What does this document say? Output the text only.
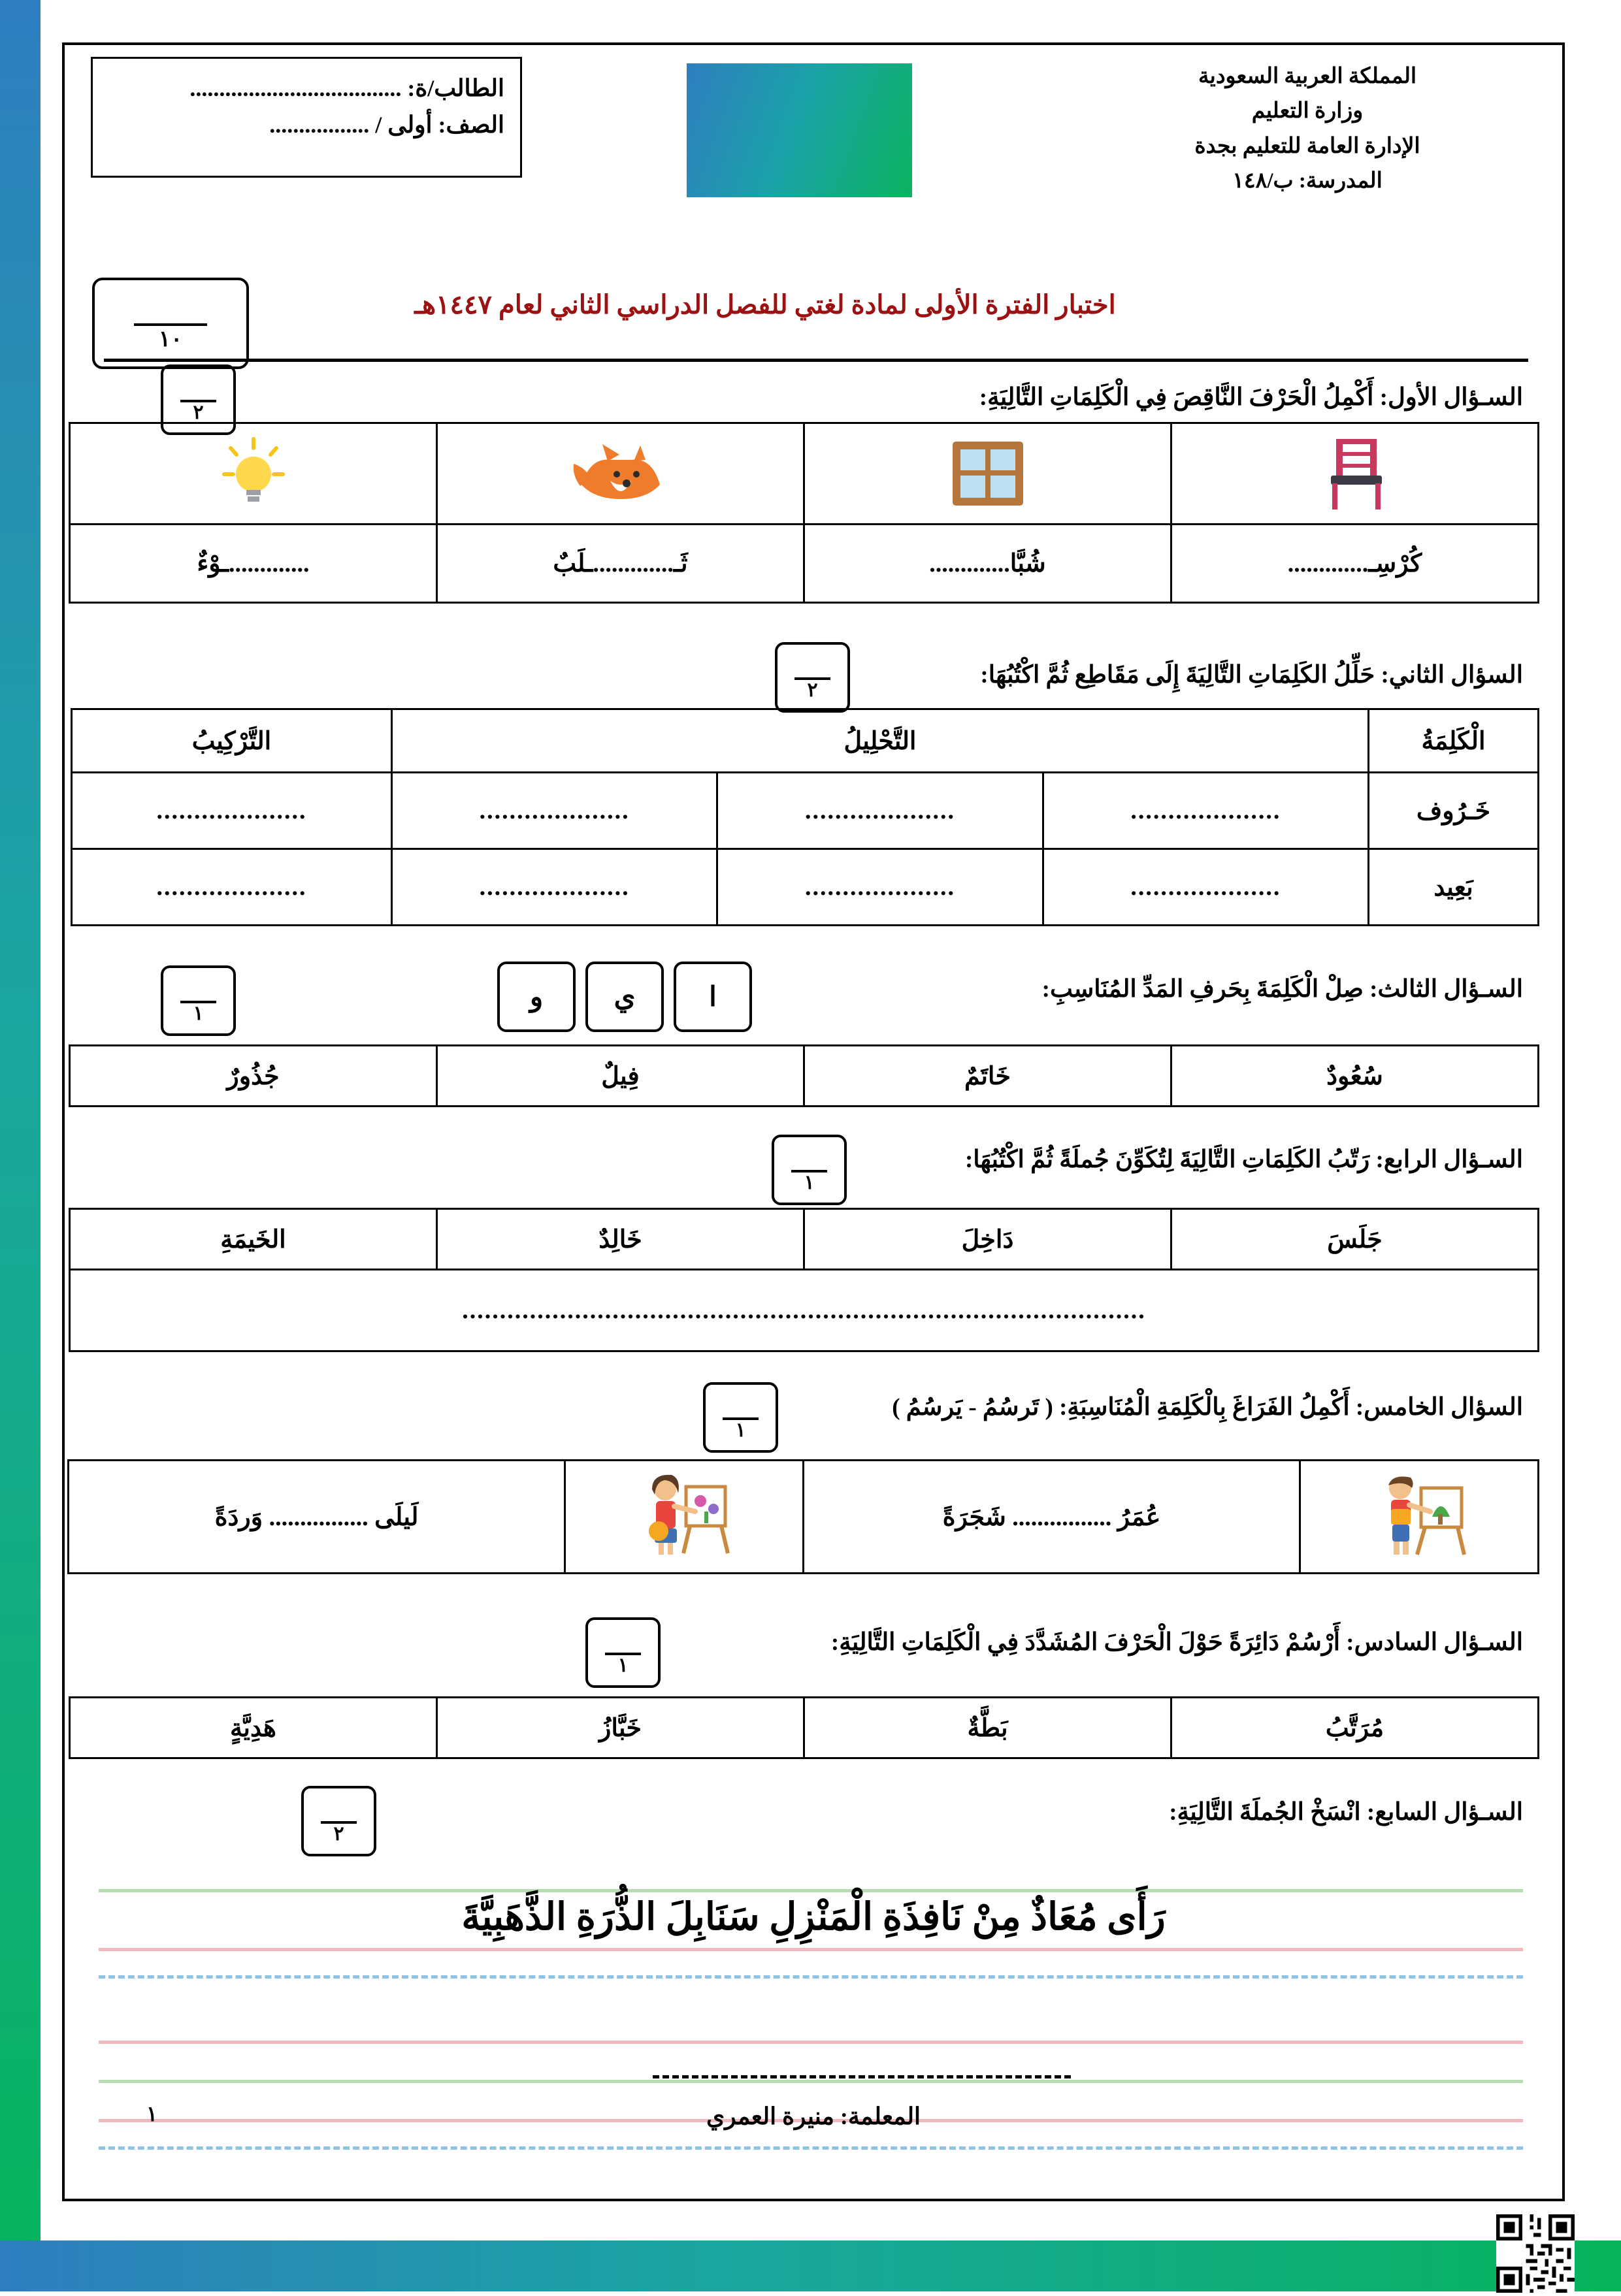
المملكة العربية السعودية
وزارة التعليم
الإدارة العامة للتعليم بجدة
المدرسة: ب/١٤٨
الطالب/ة: ....................................
الصف: أولى / .................
اختبار الفترة الأولى لمادة لغتي للفصل الدراسي الثاني لعام ١٤٤٧هـ
١٠
السـؤال الأول: أَكْمِلُ الْحَرْفَ النَّاقِصَ فِي الْكَلِمَاتِ التَّالِيَةِ:
٢

كُرْسِـ.............	شُبَّا.............	ثَـ.............ـلَبٌ	.............ـوْءٌ
السؤال الثاني: حَلِّلُ الكَلِمَاتِ التَّالِيَةَ إِلَى مَقَاطِع ثُمَّ اكْتُبُهَا:
٢
الْكَلِمَةُ	التَّحْلِيلُ			التَّرْكِيبُ
خَـرُوف	....................	....................	....................	....................
بَعِيد	....................	....................	....................	....................
السـؤال الثالث: صِلْ الْكَلِمَةَ بِحَرفِ المَدِّ المُنَاسِبِ:
ا
ي
و
١
سُعُودٌ	خَاتَمٌ	فِيلٌ	جُذُورٌ
السـؤال الرابع: رَتّبُ الكَلِمَاتِ التَّالِيَةَ لِتُكَوِّنَ جُملَةً ثُمَّ اكْتُبُهَا:
١
جَلَسَ	دَاخِلَ	خَالِدٌ	الخَيمَةِ
...........................................................................................
السؤال الخامس: أَكْمِلُ الفَرَاغَ بِالْكَلِمَةِ الْمُنَاسِبَةِ: ( تَرسُمُ - يَرسُمُ )
١
	عُمَرُ ................ شَجَرَةً	
	لَيلَى ................ وَردَةً
السـؤال السادس: أَرْسُمْ دَائِرَةً حَوْلَ الْحَرْفَ المُشَدَّدَ فِي الْكَلِمَاتِ التَّالِيَةِ:
١
مُرَتَّبُ	بَطَّةٌ	خَبَّازُ	هَدِيَّةٍ
السـؤال السابع: انْسَخْ الجُملَةَ التَّالِيَةِ:
٢
رَأَى مُعَاذٌ مِنْ نَافِذَةِ الْمَنْزِلِ سَنَابِلَ الذُّرَةِ الذَّهَبِيَّةَ
المعلمة: منيرة العمري
١
